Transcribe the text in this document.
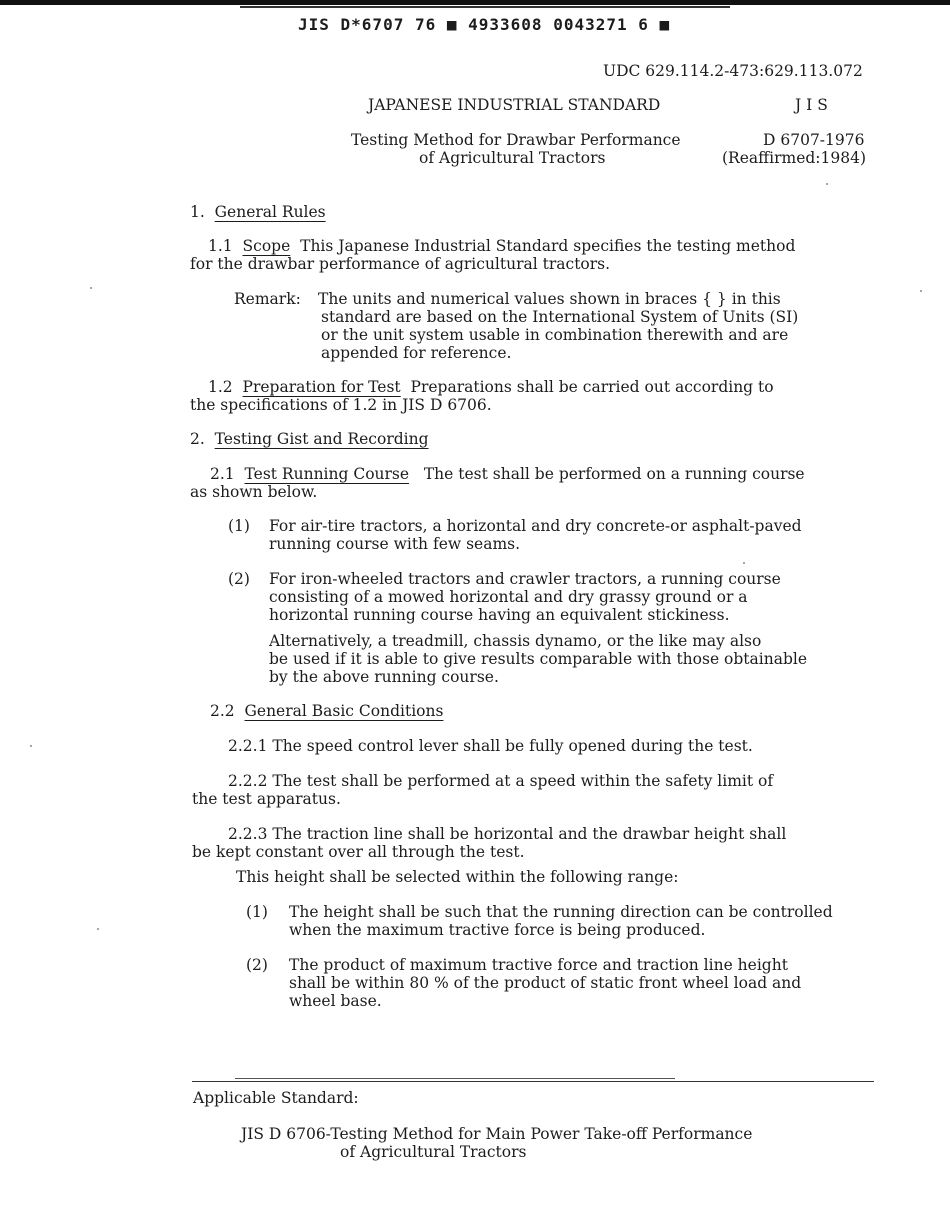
JIS D*6707 76 ■ 4933608 0043271 6 ■
UDC 629.114.2-473:629.113.072
JAPANESE INDUSTRIAL STANDARD	J I S
Testing Method for Drawbar Performance
of Agricultural Tractors
D 6707-1976
(Reaffirmed:1984)
1. General Rules
1.1 Scope This Japanese Industrial Standard specifies the testing method
for the drawbar performance of agricultural tractors.
Remark: The units and numerical values shown in braces { } in this
standard are based on the International System of Units (SI)
or the unit system usable in combination therewith and are
appended for reference.
1.2 Preparation for Test Preparations shall be carried out according to
the specifications of 1.2 in JIS D 6706.
2. Testing Gist and Recording
2.1 Test Running Course The test shall be performed on a running course
as shown below.
(1) For air-tire tractors, a horizontal and dry concrete-or asphalt-paved
running course with few seams.
(2) For iron-wheeled tractors and crawler tractors, a running course
consisting of a mowed horizontal and dry grassy ground or a
horizontal running course having an equivalent stickiness.
Alternatively, a treadmill, chassis dynamo, or the like may also
be used if it is able to give results comparable with those obtainable
by the above running course.
2.2 General Basic Conditions
2.2.1 The speed control lever shall be fully opened during the test.
2.2.2 The test shall be performed at a speed within the safety limit of
the test apparatus.
2.2.3 The traction line shall be horizontal and the drawbar height shall
be kept constant over all through the test.
This height shall be selected within the following range:
(1) The height shall be such that the running direction can be controlled
when the maximum tractive force is being produced.
(2) The product of maximum tractive force and traction line height
shall be within 80 % of the product of static front wheel load and
wheel base.
Applicable Standard:
JIS D 6706-Testing Method for Main Power Take-off Performance
of Agricultural Tractors
